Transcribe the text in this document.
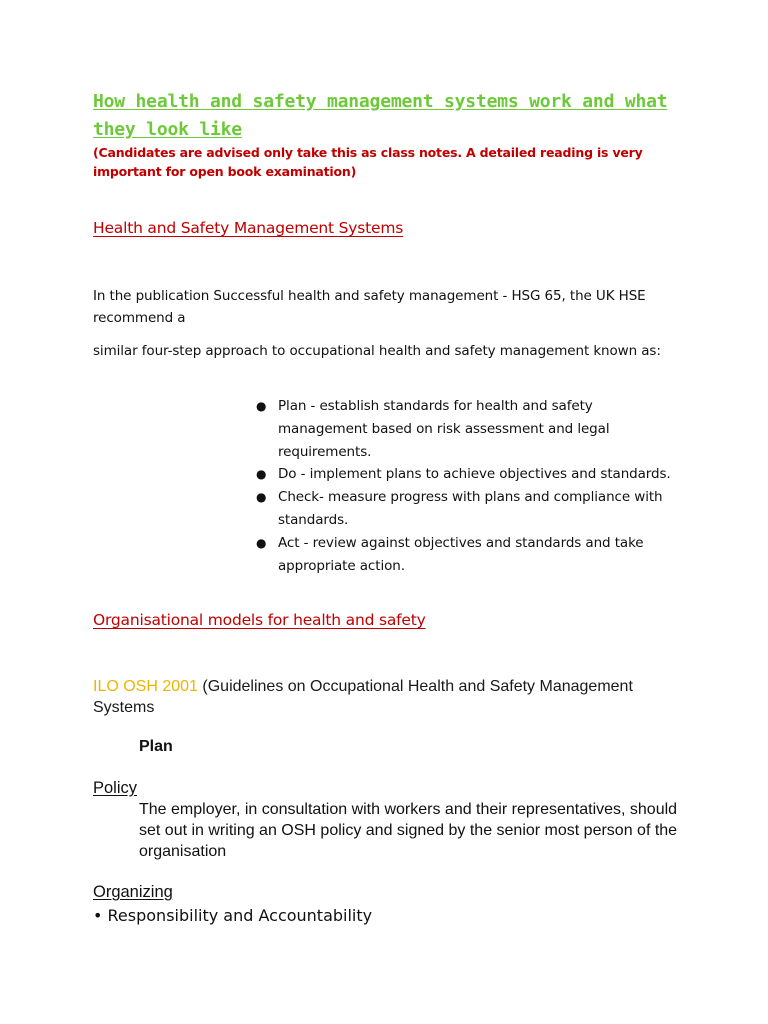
How health and safety management systems work and what they look like
(Candidates are advised only take this as class notes. A detailed reading is very important for open book examination)
Health and Safety Management Systems
In the publication Successful health and safety management - HSG 65, the UK HSE recommend a
similar four-step approach to occupational health and safety management known as:
● Plan - establish standards for health and safety management based on risk assessment and legal requirements.
● Do - implement plans to achieve objectives and standards.
● Check- measure progress with plans and compliance with standards.
● Act - review against objectives and standards and take appropriate action.
Organisational models for health and safety
ILO OSH 2001 (Guidelines on Occupational Health and Safety Management Systems
Plan
Policy
The employer, in consultation with workers and their representatives, should set out in writing an OSH policy and signed by the senior most person of the organisation
Organizing
• Responsibility and Accountability
